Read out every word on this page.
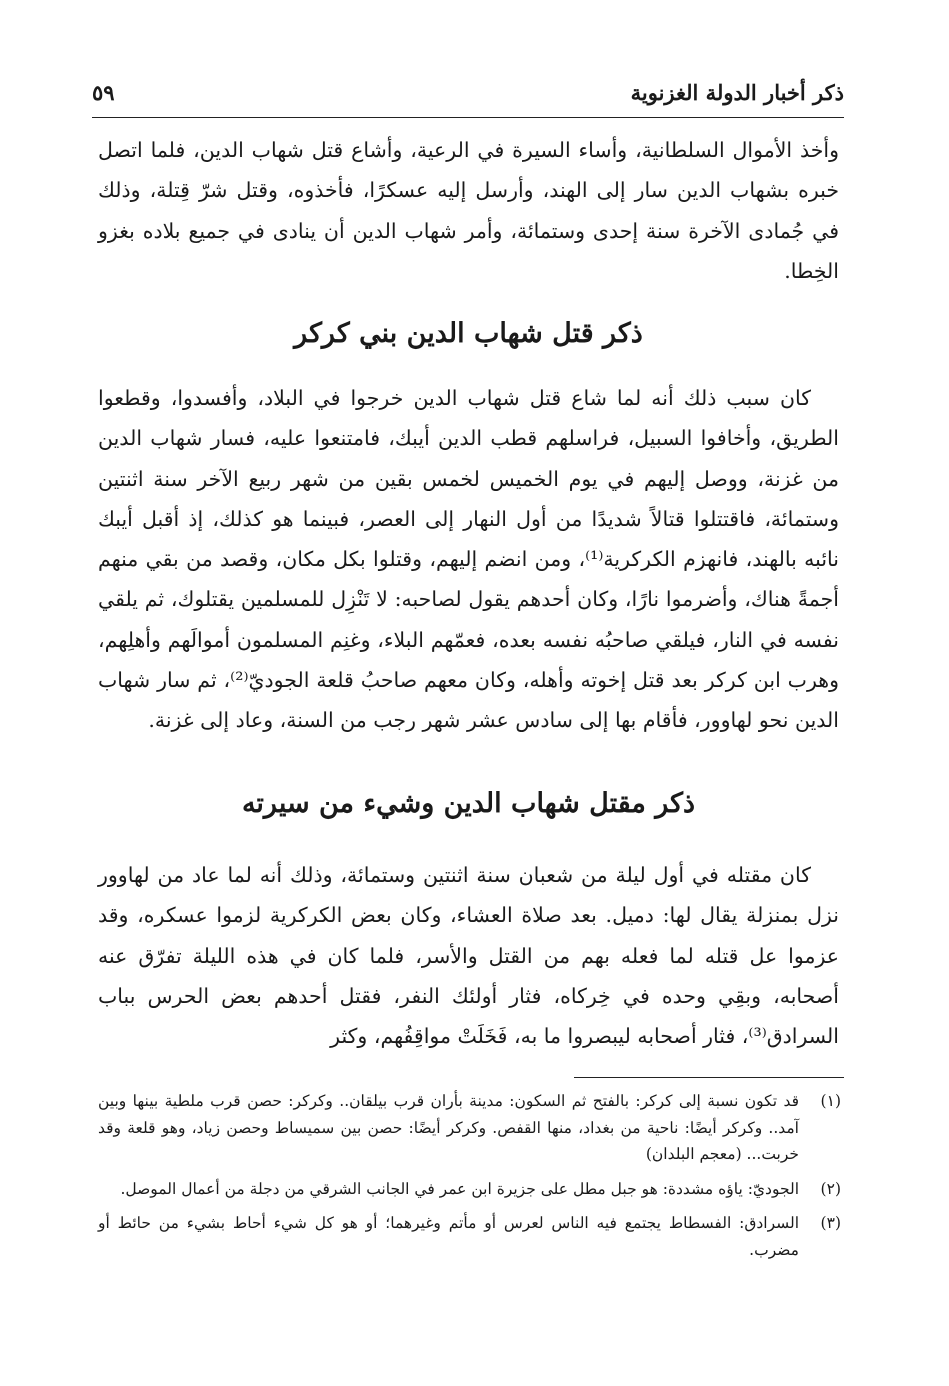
ذكر أخبار الدولة الغزنوية
٥٩

وأخذ الأموال السلطانية، وأساء السيرة في الرعية، وأشاع قتل شهاب الدين، فلما اتصل خبره بشهاب الدين سار إلى الهند، وأرسل إليه عسكرًا، فأخذوه، وقتل شرّ قِتلة، وذلك في جُمادى الآخرة سنة إحدى وستمائة، وأمر شهاب الدين أن ينادى في جميع بلاده بغزو الخِطا.

ذكر قتل شهاب الدين بني كركر

كان سبب ذلك أنه لما شاع قتل شهاب الدين خرجوا في البلاد، وأفسدوا، وقطعوا الطريق، وأخافوا السبيل، فراسلهم قطب الدين أيبك، فامتنعوا عليه، فسار شهاب الدين من غزنة، ووصل إليهم في يوم الخميس لخمس بقين من شهر ربيع الآخر سنة اثنتين وستمائة، فاقتتلوا قتالاً شديدًا من أول النهار إلى العصر، فبينما هو كذلك، إذ أقبل أيبك نائبه بالهند، فانهزم الكركرية⁽¹⁾، ومن انضم إليهم، وقتلوا بكل مكان، وقصد من بقي منهم أجمةً هناك، وأضرموا نارًا، وكان أحدهم يقول لصاحبه: لا تَنْزِل للمسلمين يقتلوك، ثم يلقي نفسه في النار، فيلقي صاحبُه نفسه بعده، فعمّهم البلاء، وغنِم المسلمون أموالَهم وأهلِهم، وهرب ابن كركر بعد قتل إخوته وأهله، وكان معهم صاحبُ قلعة الجوديّ⁽²⁾، ثم سار شهاب الدين نحو لهاوور، فأقام بها إلى سادس عشر شهر رجب من السنة، وعاد إلى غزنة.

ذكر مقتل شهاب الدين وشيء من سيرته

كان مقتله في أول ليلة من شعبان سنة اثنتين وستمائة، وذلك أنه لما عاد من لهاوور نزل بمنزلة يقال لها: دميل. بعد صلاة العشاء، وكان بعض الكركرية لزموا عسكره، وقد عزموا عل قتله لما فعله بهم من القتل والأسر، فلما كان في هذه الليلة تفرّق عنه أصحابه، وبقِي وحده في خِركاه، فثار أولئك النفر، فقتل أحدهم بعض الحرس بباب السرادق⁽³⁾، فثار أصحابه ليبصروا ما به، فَخَلَتْ مواقِفُهم، وكثر

(١)
قد تكون نسبة إلى كركر: بالفتح ثم السكون: مدينة بأران قرب بيلقان.. وكركر: حصن قرب ملطية بينها وبين آمد.. وكركر أيضًا: ناحية من بغداد، منها القفص. وكركر أيضًا: حصن بين سميساط وحصن زياد، وهو قلعة وقد خربت... (معجم البلدان)
(٢)
الجوديّ: ياؤه مشددة: هو جبل مطل على جزيرة ابن عمر في الجانب الشرقي من دجلة من أعمال الموصل.
(٣)
السرادق: الفسطاط يجتمع فيه الناس لعرس أو مأتم وغيرهما؛ أو هو كل شيء أحاط بشيء من حائط أو مضرب.
